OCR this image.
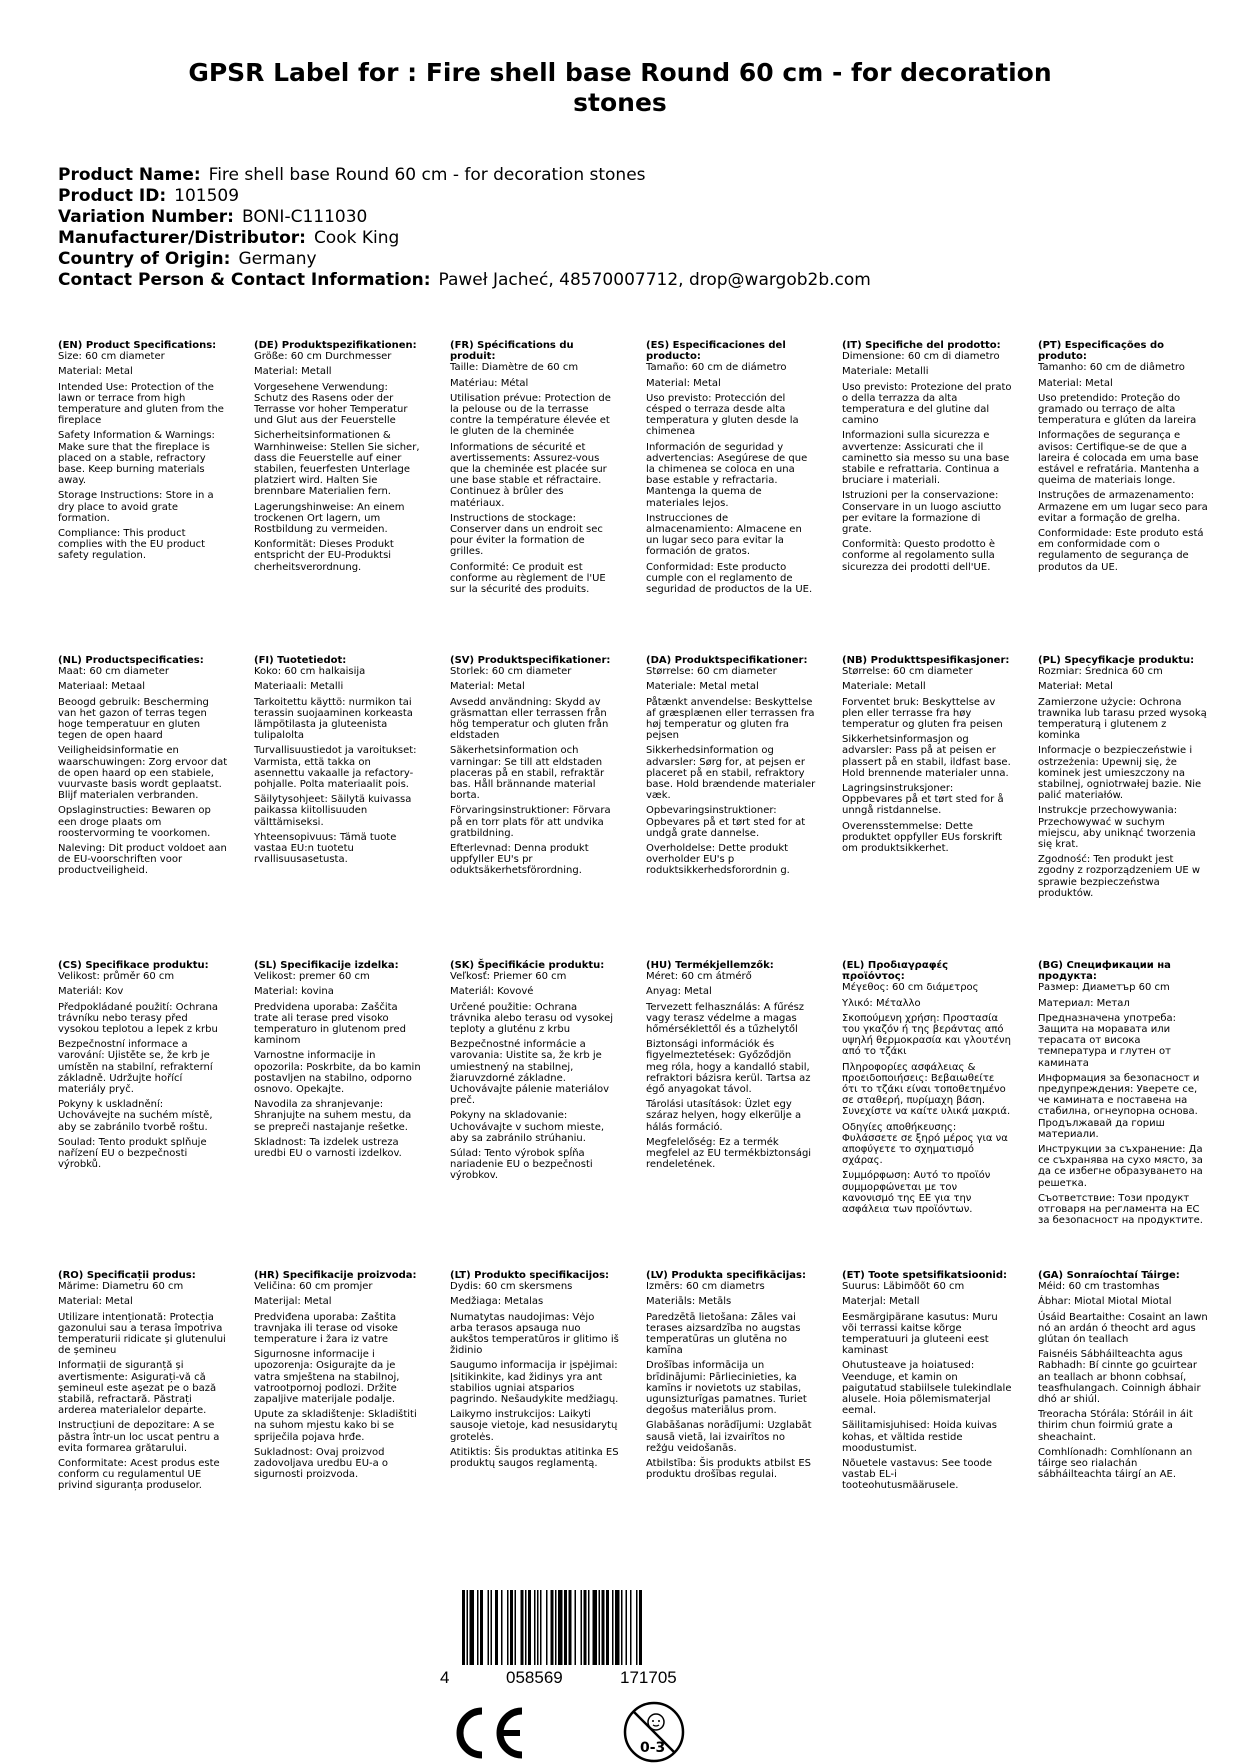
GPSR Label for : Fire shell base Round 60 cm - for decoration stones
Product Name: Fire shell base Round 60 cm - for decoration stones
Product ID: 101509
Variation Number: BONI-C111030
Manufacturer/Distributor: Cook King
Country of Origin: Germany
Contact Person & Contact Information: Paweł Jacheć, 48570007712, drop@wargob2b.com

(EN) Product Specifications:

Size: 60 cm diameter

Material: Metal

Intended Use: Protection of the lawn or terrace from high temperature and gluten from the fireplace

Safety Information & Warnings: Make sure that the fireplace is placed on a stable, refractory base. Keep burning materials away.

Storage Instructions: Store in a dry place to avoid grate formation.

Compliance: This product complies with the EU product safety regulation.

(DE) Produktspezifikationen:

Größe: 60 cm Durchmesser

Material: Metall

Vorgesehene Verwendung: Schutz des Rasens oder der Terrasse vor hoher Temperatur und Glut aus der Feuerstelle

Sicherheitsinformationen & Warnhinweise: Stellen Sie sicher, dass die Feuerstelle auf einer stabilen, feuerfesten Unterlage platziert wird. Halten Sie brennbare Materialien fern.

Lagerungshinweise: An einem trockenen Ort lagern, um Rostbildung zu vermeiden.

Konformität: Dieses Produkt entspricht der EU-Produktsi cherheitsverordnung.

(FR) Spécifications du produit:

Taille: Diamètre de 60 cm

Matériau: Métal

Utilisation prévue: Protection de la pelouse ou de la terrasse contre la température élevée et le gluten de la cheminée

Informations de sécurité et avertissements: Assurez-vous que la cheminée est placée sur une base stable et réfractaire. Continuez à brûler des matériaux.

Instructions de stockage: Conserver dans un endroit sec pour éviter la formation de grilles.

Conformité: Ce produit est conforme au règlement de l'UE sur la sécurité des produits.

(ES) Especificaciones del producto:

Tamaño: 60 cm de diámetro

Material: Metal

Uso previsto: Protección del césped o terraza desde alta temperatura y gluten desde la chimenea

Información de seguridad y advertencias: Asegúrese de que la chimenea se coloca en una base estable y refractaria. Mantenga la quema de materiales lejos.

Instrucciones de almacenamiento: Almacene en un lugar seco para evitar la formación de gratos.

Conformidad: Este producto cumple con el reglamento de seguridad de productos de la UE.

(IT) Specifiche del prodotto:

Dimensione: 60 cm di diametro

Materiale: Metalli

Uso previsto: Protezione del prato o della terrazza da alta temperatura e del glutine dal camino

Informazioni sulla sicurezza e avvertenze: Assicurati che il caminetto sia messo su una base stabile e refrattaria. Continua a bruciare i materiali.

Istruzioni per la conservazione: Conservare in un luogo asciutto per evitare la formazione di grate.

Conformità: Questo prodotto è conforme al regolamento sulla sicurezza dei prodotti dell'UE.

(PT) Especificações do produto:

Tamanho: 60 cm de diâmetro

Material: Metal

Uso pretendido: Proteção do gramado ou terraço de alta temperatura e glúten da lareira

Informações de segurança e avisos: Certifique-se de que a lareira é colocada em uma base estável e refratária. Mantenha a queima de materiais longe.

Instruções de armazenamento: Armazene em um lugar seco para evitar a formação de grelha.

Conformidade: Este produto está em conformidade com o regulamento de segurança de produtos da UE.

(NL) Productspecificaties:

Maat: 60 cm diameter

Materiaal: Metaal

Beoogd gebruik: Bescherming van het gazon of terras tegen hoge temperatuur en gluten tegen de open haard

Veiligheidsinformatie en waarschuwingen: Zorg ervoor dat de open haard op een stabiele, vuurvaste basis wordt geplaatst. Blijf materialen verbranden.

Opslaginstructies: Bewaren op een droge plaats om roostervorming te voorkomen.

Naleving: Dit product voldoet aan de EU-voorschriften voor productveiligheid.

(FI) Tuotetiedot:

Koko: 60 cm halkaisija

Materiaali: Metalli

Tarkoitettu käyttö: nurmikon tai terassin suojaaminen korkeasta lämpötilasta ja gluteenista tulipalolta

Turvallisuustiedot ja varoitukset: Varmista, että takka on asennettu vakaalle ja refactory-pohjalle. Polta materiaalit pois.

Säilytysohjeet: Säilytä kuivassa paikassa kiitollisuuden välttämiseksi.

Yhteensopivuus: Tämä tuote vastaa EU:n tuotetu rvallisuusasetusta.

(SV) Produktspecifikationer:

Storlek: 60 cm diameter

Material: Metal

Avsedd användning: Skydd av gräsmattan eller terrassen från hög temperatur och gluten från eldstaden

Säkerhetsinformation och varningar: Se till att eldstaden placeras på en stabil, refraktär bas. Håll brännande material borta.

Förvaringsinstruktioner: Förvara på en torr plats för att undvika gratbildning.

Efterlevnad: Denna produkt uppfyller EU's pr oduktsäkerhetsförordning.

(DA) Produktspecifikationer:

Størrelse: 60 cm diameter

Materiale: Metal metal

Påtænkt anvendelse: Beskyttelse af græsplænen eller terrassen fra høj temperatur og gluten fra pejsen

Sikkerhedsinformation og advarsler: Sørg for, at pejsen er placeret på en stabil, refraktory base. Hold brændende materialer væk.

Opbevaringsinstruktioner: Opbevares på et tørt sted for at undgå grate dannelse.

Overholdelse: Dette produkt overholder EU's p roduktsikkerhedsforordnin g.

(NB) Produkttspesifikasjoner:

Størrelse: 60 cm diameter

Materiale: Metall

Forventet bruk: Beskyttelse av plen eller terrasse fra høy temperatur og gluten fra peisen

Sikkerhetsinformasjon og advarsler: Pass på at peisen er plassert på en stabil, ildfast base. Hold brennende materialer unna.

Lagringsinstruksjoner: Oppbevares på et tørt sted for å unngå ristdannelse.

Overensstemmelse: Dette produktet oppfyller EUs forskrift om produktsikkerhet.

(PL) Specyfikacje produktu:

Rozmiar: Średnica 60 cm

Materiał: Metal

Zamierzone użycie: Ochrona trawnika lub tarasu przed wysoką temperaturą i glutenem z kominka

Informacje o bezpieczeństwie i ostrzeżenia: Upewnij się, że kominek jest umieszczony na stabilnej, ogniotrwałej bazie. Nie palić materiałów.

Instrukcje przechowywania: Przechowywać w suchym miejscu, aby uniknąć tworzenia się krat.

Zgodność: Ten produkt jest zgodny z rozporządzeniem UE w sprawie bezpieczeństwa produktów.

(CS) Specifikace produktu:

Velikost: průměr 60 cm

Materiál: Kov

Předpokládané použití: Ochrana trávníku nebo terasy před vysokou teplotou a lepek z krbu

Bezpečnostní informace a varování: Ujistěte se, že krb je umístěn na stabilní, refrakterní základně. Udržujte hořící materiály pryč.

Pokyny k uskladnění: Uchovávejte na suchém místě, aby se zabránilo tvorbě roštu.

Soulad: Tento produkt splňuje nařízení EU o bezpečnosti výrobků.

(SL) Specifikacije izdelka:

Velikost: premer 60 cm

Material: kovina

Predvidena uporaba: Zaščita trate ali terase pred visoko temperaturo in glutenom pred kaminom

Varnostne informacije in opozorila: Poskrbite, da bo kamin postavljen na stabilno, odporno osnovo. Opekajte.

Navodila za shranjevanje: Shranjujte na suhem mestu, da se prepreči nastajanje rešetke.

Skladnost: Ta izdelek ustreza uredbi EU o varnosti izdelkov.

(SK) Špecifikácie produktu:

Veľkosť: Priemer 60 cm

Materiál: Kovové

Určené použitie: Ochrana trávnika alebo terasu od vysokej teploty a gluténu z krbu

Bezpečnostné informácie a varovania: Uistite sa, že krb je umiestnený na stabilnej, žiaruvzdorné základne. Uchovávajte pálenie materiálov preč.

Pokyny na skladovanie: Uchovávajte v suchom mieste, aby sa zabránilo strúhaniu.

Súlad: Tento výrobok spĺňa nariadenie EU o bezpečnosti výrobkov.

(HU) Termékjellemzők:

Méret: 60 cm átmérő

Anyag: Metal

Tervezett felhasználás: A fűrész vagy terasz védelme a magas hőmérséklettől és a tűzhelytől

Biztonsági információk és figyelmeztetések: Győződjön meg róla, hogy a kandalló stabil, refraktori bázisra kerül. Tartsa az égő anyagokat távol.

Tárolási utasítások: Üzlet egy száraz helyen, hogy elkerülje a hálás formáció.

Megfelelőség: Ez a termék megfelel az EU termékbiztonsági rendeletének.

(EL) Προδιαγραφές προϊόντος:

Μέγεθος: 60 cm διάμετρος

Υλικό: Μέταλλο

Σκοπούμενη χρήση: Προστασία του γκαζόν ή της βεράντας από υψηλή θερμοκρασία και γλουτένη από το τζάκι

Πληροφορίες ασφάλειας & προειδοποιήσεις: Βεβαιωθείτε ότι το τζάκι είναι τοποθετημένο σε σταθερή, πυρίμαχη βάση. Συνεχίστε να καίτε υλικά μακριά.

Οδηγίες αποθήκευσης: Φυλάσσετε σε ξηρό μέρος για να αποφύγετε το σχηματισμό σχάρας.

Συμμόρφωση: Αυτό το προϊόν συμμορφώνεται με τον κανονισμό της ΕΕ για την ασφάλεια των προϊόντων.

(BG) Спецификации на продукта:

Размер: Диаметър 60 cm

Материал: Метал

Предназначена употреба: Защита на моравата или терасата от висока температура и глутен от камината

Информация за безопасност и предупреждения: Уверете се, че камината е поставена на стабилна, огнеупорна основа. Продължавай да гориш материали.

Инструкции за съхранение: Да се съхранява на сухо място, за да се избегне образуването на решетка.

Съответствие: Този продукт отговаря на регламента на ЕС за безопасност на продуктите.

(RO) Specificații produs:

Mărime: Diametru 60 cm

Material: Metal

Utilizare intenționată: Protecția gazonului sau a terasa împotriva temperaturii ridicate și glutenului de șemineu

Informații de siguranță și avertismente: Asigurați-vă că șemineul este așezat pe o bază stabilă, refractară. Păstrați arderea materialelor departe.

Instrucțiuni de depozitare: A se păstra într-un loc uscat pentru a evita formarea grătarului.

Conformitate: Acest produs este conform cu regulamentul UE privind siguranța produselor.

(HR) Specifikacije proizvoda:

Veličina: 60 cm promjer

Materijal: Metal

Predviđena uporaba: Zaštita travnjaka ili terase od visoke temperature i žara iz vatre

Sigurnosne informacije i upozorenja: Osigurajte da je vatra smještena na stabilnoj, vatrootpornoj podlozi. Držite zapaljive materijale podalje.

Upute za skladištenje: Skladištiti na suhom mjestu kako bi se spriječila pojava hrđe.

Sukladnost: Ovaj proizvod zadovoljava uredbu EU-a o sigurnosti proizvoda.

(LT) Produkto specifikacijos:

Dydis: 60 cm skersmens

Medžiaga: Metalas

Numatytas naudojimas: Vėjo arba terasos apsauga nuo aukštos temperatūros ir glitimo iš židinio

Saugumo informacija ir įspėjimai: Įsitikinkite, kad židinys yra ant stabilios ugniai atsparios pagrindo. Nešaudykite medžiagų.

Laikymo instrukcijos: Laikyti sausoje vietoje, kad nesusidarytų grotelės.

Atitiktis: Šis produktas atitinka ES produktų saugos reglamentą.

(LV) Produkta specifikācijas:

Izmērs: 60 cm diametrs

Materiāls: Metāls

Paredzētā lietošana: Zāles vai terases aizsardzība no augstas temperatūras un glutēna no kamīna

Drošības informācija un brīdinājumi: Pārliecinieties, ka kamīns ir novietots uz stabilas, ugunsizturīgas pamatnes. Turiet degošus materiālus prom.

Glabāšanas norādījumi: Uzglabāt sausā vietā, lai izvairītos no režģu veidošanās.

Atbilstība: Šis produkts atbilst ES produktu drošības regulai.

(ET) Toote spetsifikatsioonid:

Suurus: Läbimõõt 60 cm

Materjal: Metall

Eesmärgipärane kasutus: Muru või terrassi kaitse kõrge temperatuuri ja gluteeni eest kaminast

Ohutusteave ja hoiatused: Veenduge, et kamin on paigutatud stabiilsele tulekindlale alusele. Hoia põlemismaterjal eemal.

Säilitamisjuhised: Hoida kuivas kohas, et vältida restide moodustumist.

Nõuetele vastavus: See toode vastab EL-i tooteohutusmäärusele.

(GA) Sonraíochtaí Táirge:

Méid: 60 cm trastomhas

Ábhar: Miotal Miotal Miotal

Úsáid Beartaithe: Cosaint an lawn nó an ardán ó theocht ard agus glútan ón teallach

Faisnéis Sábháilteachta agus Rabhadh: Bí cinnte go gcuirtear an teallach ar bhonn cobhsaí, teasfhulangach. Coinnigh ábhair dhó ar shiúl.

Treoracha Stórála: Stóráil in áit thirim chun foirmiú grate a sheachaint.

Comhlíonadh: Comhlíonann an táirge seo rialachán sábháilteachta táirgí an AE.

4	058569	171705
0-3
